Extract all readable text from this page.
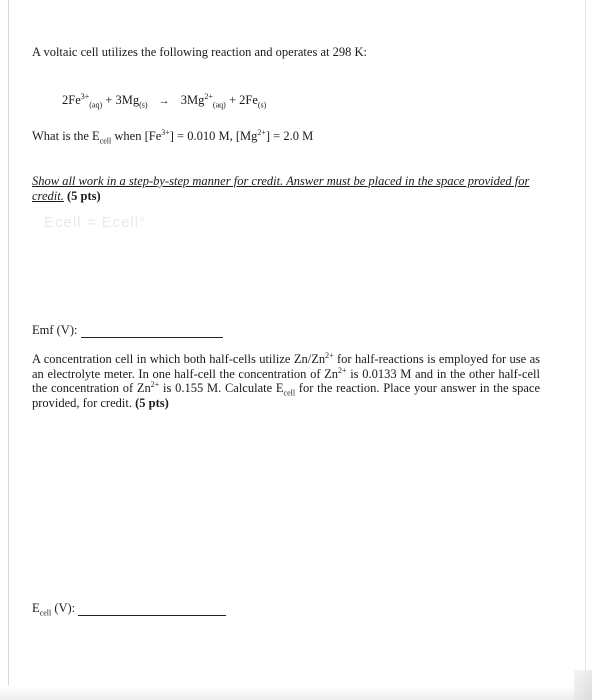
A voltaic cell utilizes the following reaction and operates at 298 K:
$2Fe^{3+}_{(aq)} + 3Mg_{(s)} \to 3Mg^{2+}_{(aq)} + 2Fe_{(s)}$
What is the $E_{cell}$ when $[Fe^{3+}] = 0.010$ M, $[Mg^{2+}] = 2.0$ M
Show all work in a step-by-step manner for credit. Answer must be placed in the space provided for credit. (5 pts)
Ecell = Ecell°
Emf (V):
A concentration cell in which both half-cells utilize $Zn/Zn^{2+}$ for half-reactions is employed for use as an electrolyte meter. In one half-cell the concentration of $Zn^{2+}$ is 0.0133 M and in the other half-cell the concentration of $Zn^{2+}$ is 0.155 M. Calculate $E_{cell}$ for the reaction. Place your answer in the space provided, for credit. (5 pts)
$E_{cell}$ (V):
